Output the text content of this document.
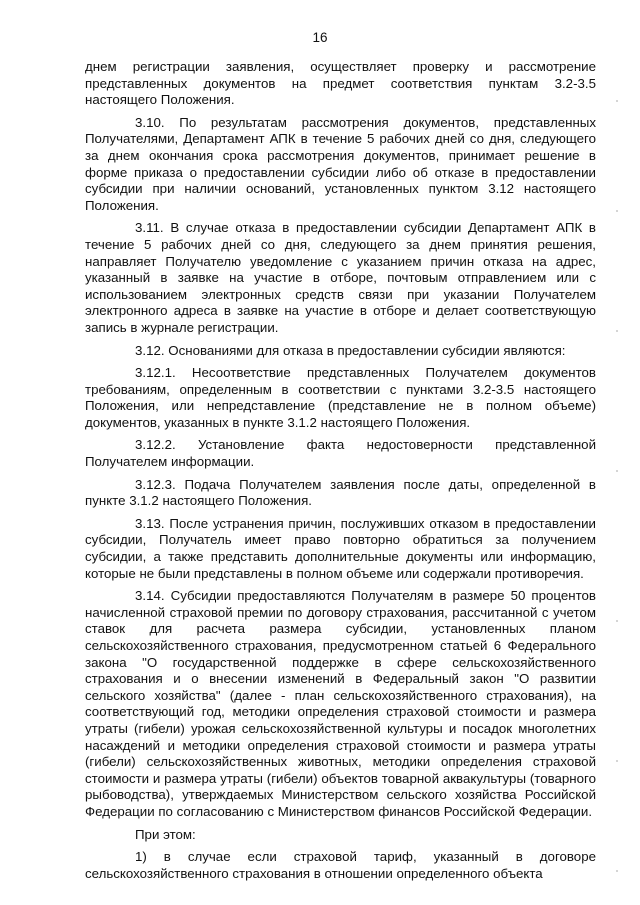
16

днем регистрации заявления, осуществляет проверку и рассмотрение представленных документов на предмет соответствия пунктам 3.2-3.5 настоящего Положения.

3.10. По результатам рассмотрения документов, представленных Получателями, Департамент АПК в течение 5 рабочих дней со дня, следующего за днем окончания срока рассмотрения документов, принимает решение в форме приказа о предоставлении субсидии либо об отказе в предоставлении субсидии при наличии оснований, установленных пунктом 3.12 настоящего Положения.

3.11. В случае отказа в предоставлении субсидии Департамент АПК в течение 5 рабочих дней со дня, следующего за днем принятия решения, направляет Получателю уведомление с указанием причин отказа на адрес, указанный в заявке на участие в отборе, почтовым отправлением или с использованием электронных средств связи при указании Получателем электронного адреса в заявке на участие в отборе и делает соответствующую запись в журнале регистрации.

3.12. Основаниями для отказа в предоставлении субсидии являются:

3.12.1. Несоответствие представленных Получателем документов требованиям, определенным в соответствии с пунктами 3.2-3.5 настоящего Положения, или непредставление (представление не в полном объеме) документов, указанных в пункте 3.1.2 настоящего Положения.

3.12.2. Установление факта недостоверности представленной Получателем информации.

3.12.3. Подача Получателем заявления после даты, определенной в пункте 3.1.2 настоящего Положения.

3.13. После устранения причин, послуживших отказом в предоставлении субсидии, Получатель имеет право повторно обратиться за получением субсидии, а также представить дополнительные документы или информацию, которые не были представлены в полном объеме или содержали противоречия.

3.14. Субсидии предоставляются Получателям в размере 50 процентов начисленной страховой премии по договору страхования, рассчитанной с учетом ставок для расчета размера субсидии, установленных планом сельскохозяйственного страхования, предусмотренном статьей 6 Федерального закона "О государственной поддержке в сфере сельскохозяйственного страхования и о внесении изменений в Федеральный закон "О развитии сельского хозяйства" (далее - план сельскохозяйственного страхования), на соответствующий год, методики определения страховой стоимости и размера утраты (гибели) урожая сельскохозяйственной культуры и посадок многолетних насаждений и методики определения страховой стоимости и размера утраты (гибели) сельскохозяйственных животных, методики определения страховой стоимости и размера утраты (гибели) объектов товарной аквакультуры (товарного рыбоводства), утверждаемых Министерством сельского хозяйства Российской Федерации по согласованию с Министерством финансов Российской Федерации.

При этом:

1) в случае если страховой тариф, указанный в договоре сельскохозяйственного страхования в отношении определенного объекта
